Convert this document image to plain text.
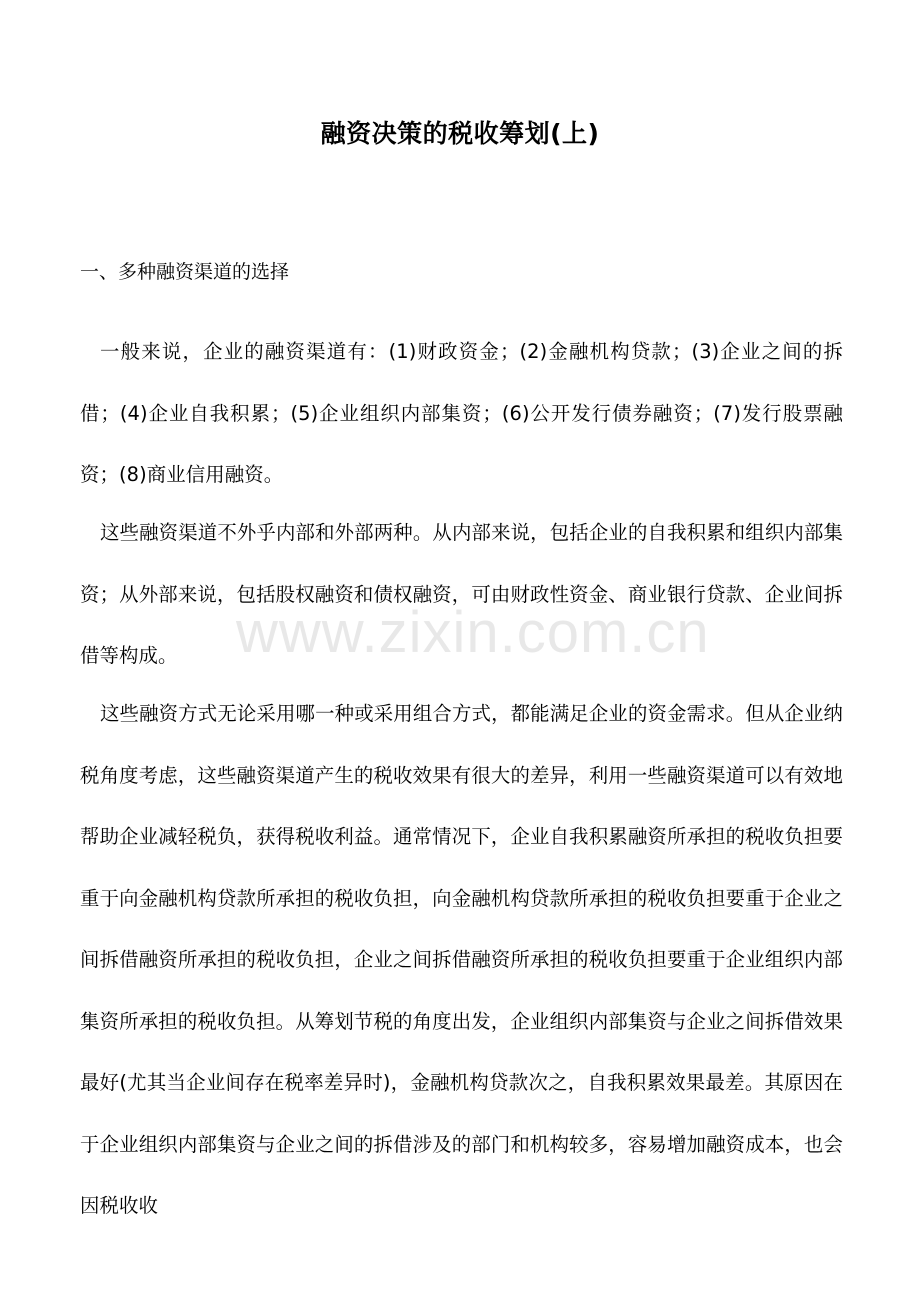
融资决策的税收筹划(上)
一、多种融资渠道的选择

一般来说，企业的融资渠道有：(1)财政资金；(2)金融机构贷款；(3)企业之间的拆借；(4)企业自我积累；(5)企业组织内部集资；(6)公开发行债券融资；(7)发行股票融资；(8)商业信用融资。

这些融资渠道不外乎内部和外部两种。从内部来说，包括企业的自我积累和组织内部集资；从外部来说，包括股权融资和债权融资，可由财政性资金、商业银行贷款、企业间拆借等构成。

这些融资方式无论采用哪一种或采用组合方式，都能满足企业的资金需求。但从企业纳税角度考虑，这些融资渠道产生的税收效果有很大的差异，利用一些融资渠道可以有效地帮助企业减轻税负，获得税收利益。通常情况下，企业自我积累融资所承担的税收负担要重于向金融机构贷款所承担的税收负担，向金融机构贷款所承担的税收负担要重于企业之间拆借融资所承担的税收负担，企业之间拆借融资所承担的税收负担要重于企业组织内部集资所承担的税收负担。从筹划节税的角度出发，企业组织内部集资与企业之间拆借效果最好(尤其当企业间存在税率差异时)，金融机构贷款次之，自我积累效果最差。其原因在于企业组织内部集资与企业之间的拆借涉及的部门和机构较多，容易增加融资成本，也会因税收收

www.zixin.com.cn
